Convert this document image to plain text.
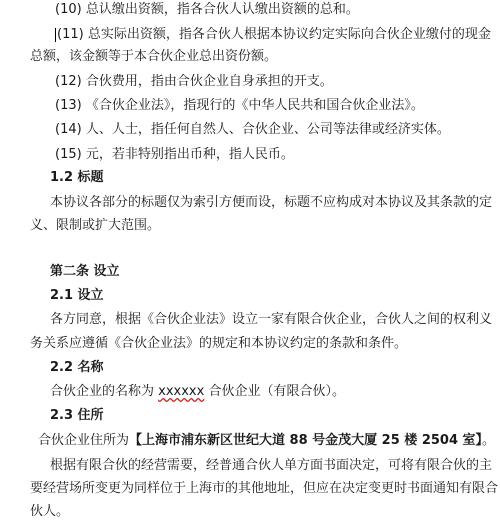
(10) 总认缴出资额，指各合伙人认缴出资额的总和。
(11) 总实际出资额，指各合伙人根据本协议约定实际向合伙企业缴付的现金
总额，该金额等于本合伙企业总出资份额。
(12) 合伙费用，指由合伙企业自身承担的开支。
(13) 《合伙企业法》，指现行的《中华人民共和国合伙企业法》。
(14) 人、人士，指任何自然人、合伙企业、公司等法律或经济实体。
(15) 元，若非特别指出币种，指人民币。
1.2 标题
本协议各部分的标题仅为索引方便而设，标题不应构成对本协议及其条款的定
义、限制或扩大范围。
第二条 设立
2.1 设立
各方同意，根据《合伙企业法》设立一家有限合伙企业，合伙人之间的权利义
务关系应遵循《合伙企业法》的规定和本协议约定的条款和条件。
2.2 名称
合伙企业的名称为 xxxxxx 合伙企业（有限合伙）。
2.3 住所
合伙企业住所为【上海市浦东新区世纪大道 88 号金茂大厦 25 楼 2504 室】。
根据有限合伙的经营需要，经普通合伙人单方面书面决定，可将有限合伙的主
要经营场所变更为同样位于上海市的其他地址，但应在决定变更时书面通知有限合
伙人。
